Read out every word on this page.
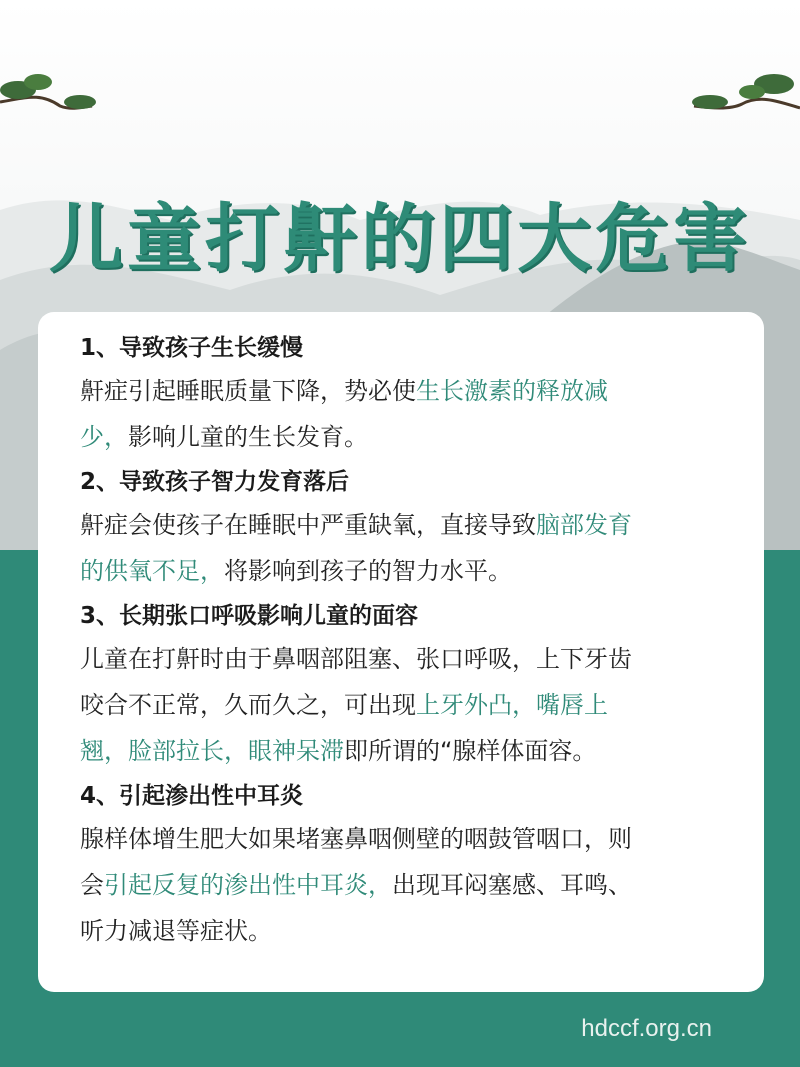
儿童打鼾的四大危害
1、导致孩子生长缓慢
鼾症引起睡眠质量下降，势必使生长激素的释放减
少，影响儿童的生长发育。
2、导致孩子智力发育落后
鼾症会使孩子在睡眠中严重缺氧，直接导致脑部发育
的供氧不足，将影响到孩子的智力水平。
3、长期张口呼吸影响儿童的面容
儿童在打鼾时由于鼻咽部阻塞、张口呼吸，上下牙齿
咬合不正常，久而久之，可出现上牙外凸，嘴唇上
翘，脸部拉长，眼神呆滞即所谓的“腺样体面容。
4、引起渗出性中耳炎
腺样体增生肥大如果堵塞鼻咽侧壁的咽鼓管咽口，则
会引起反复的渗出性中耳炎，出现耳闷塞感、耳鸣、
听力减退等症状。
hdccf.org.cn
